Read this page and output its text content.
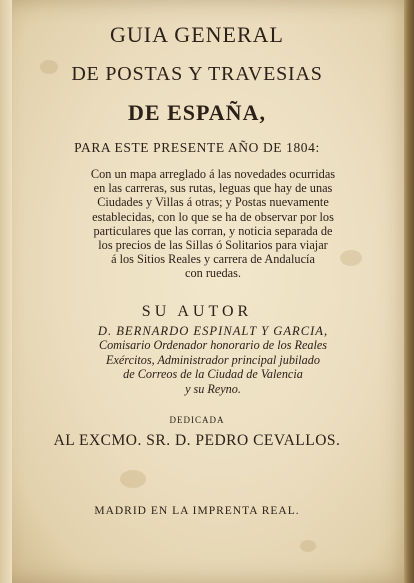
GUIA GENERAL
DE POSTAS Y TRAVESIAS
DE ESPAÑA,
PARA ESTE PRESENTE AÑO DE 1804:
Con un mapa arreglado á las novedades ocurridas
en las carreras, sus rutas, leguas que hay de unas
Ciudades y Villas á otras; y Postas nuevamente
establecidas, con lo que se ha de observar por los
particulares que las corran, y noticia separada de
los precios de las Sillas ó Solitarios para viajar
á los Sitios Reales y carrera de Andalucía
con ruedas.
SU AUTOR
D. BERNARDO ESPINALT Y GARCIA,
Comisario Ordenador honorario de los Reales
Exércitos, Administrador principal jubilado
de Correos de la Ciudad de Valencia
y su Reyno.
DEDICADA
AL EXCMO. SR. D. PEDRO CEVALLOS.
MADRID EN LA IMPRENTA REAL.
